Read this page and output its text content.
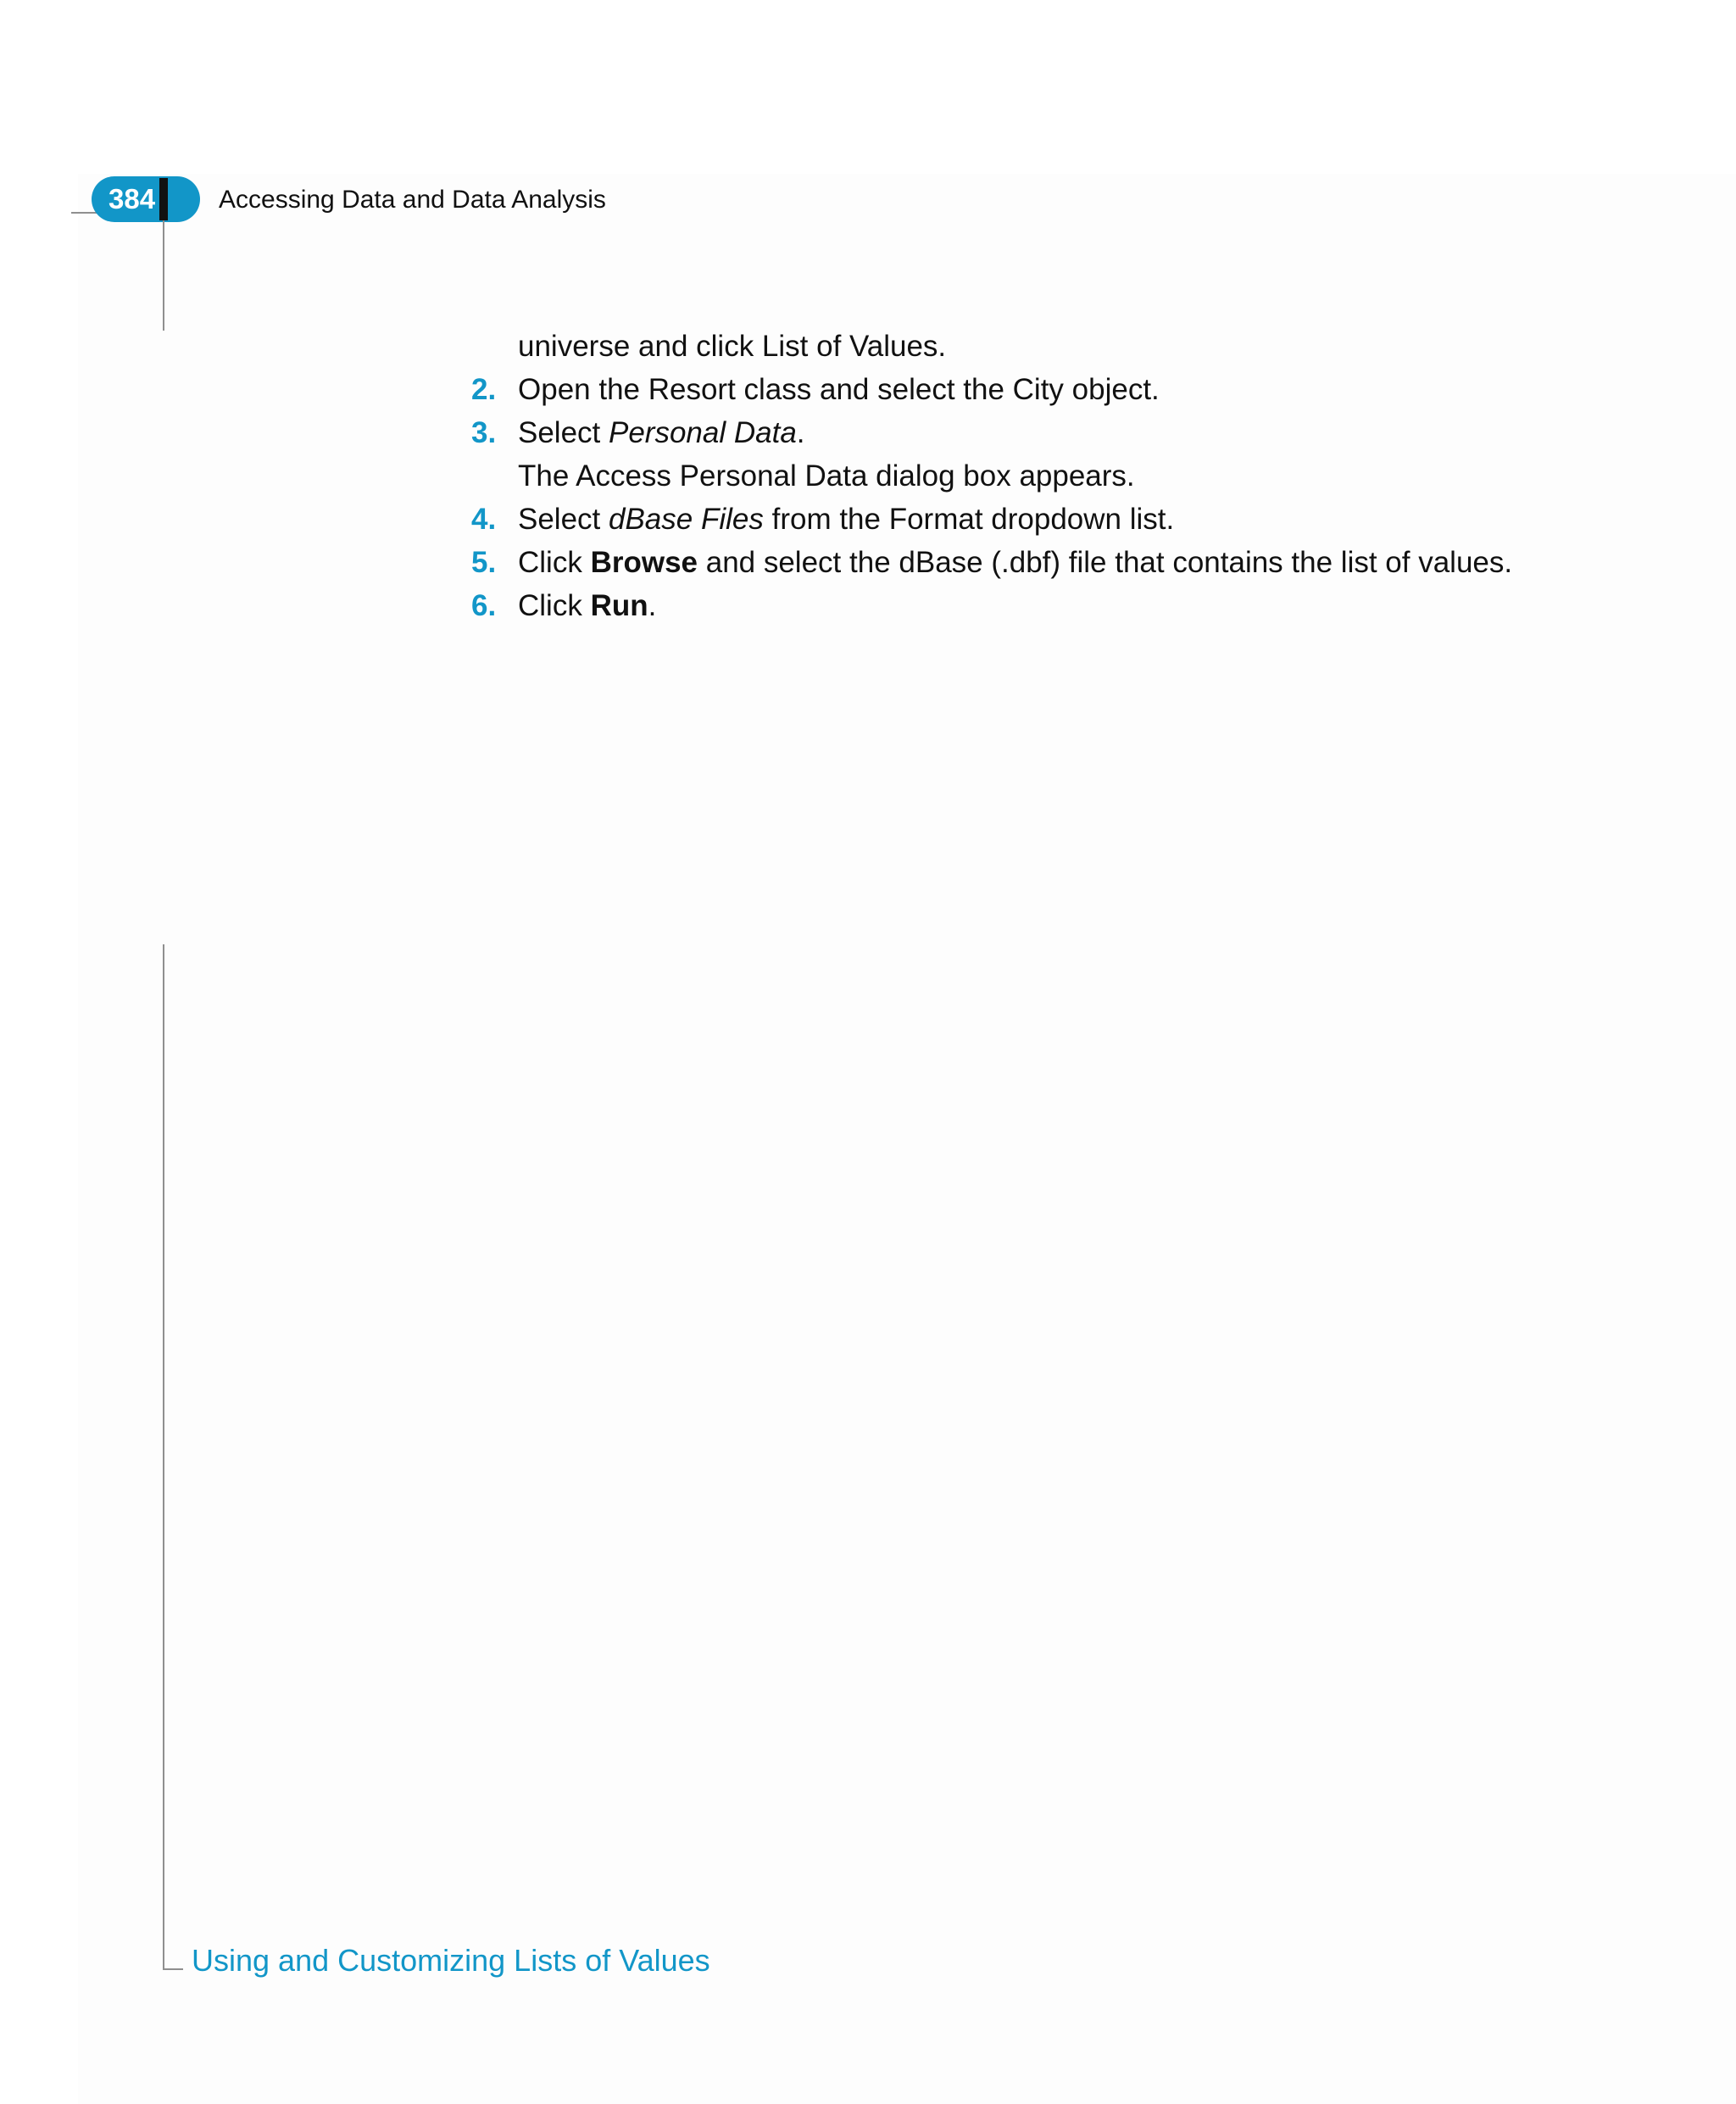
384 Accessing Data and Data Analysis
universe and click List of Values.
2. Open the Resort class and select the City object.
3. Select Personal Data.
The Access Personal Data dialog box appears.
4. Select dBase Files from the Format dropdown list.
5. Click Browse and select the dBase (.dbf) file that contains the list of values.
6. Click Run.
Using and Customizing Lists of Values
